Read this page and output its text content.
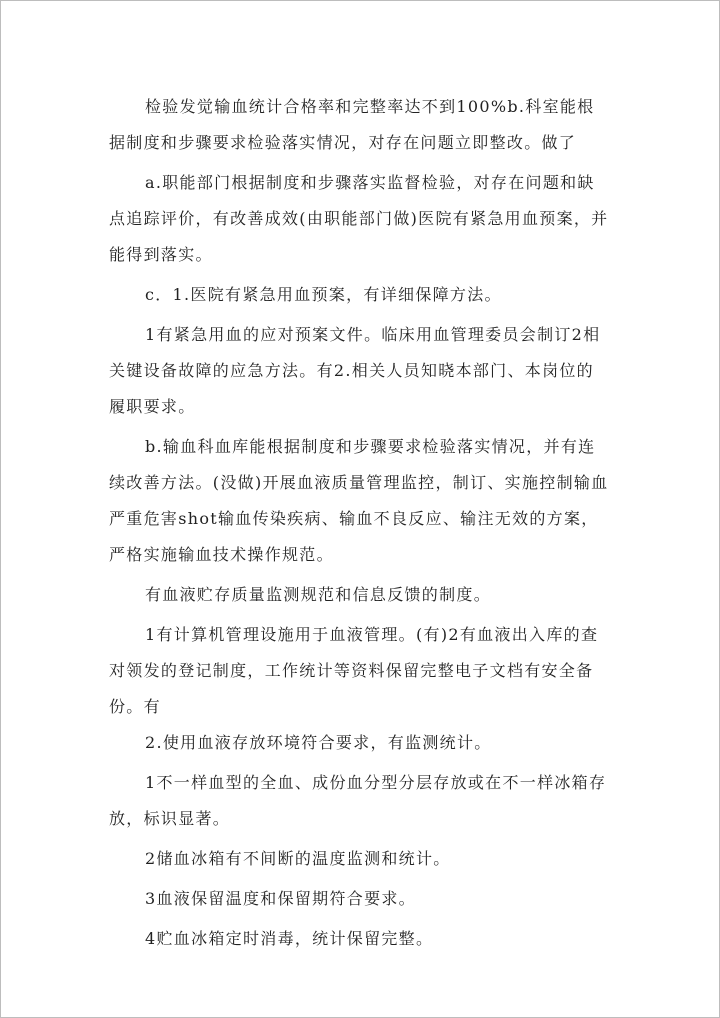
检验发觉输血统计合格率和完整率达不到100%b.科室能根据制度和步骤要求检验落实情况，对存在问题立即整改。做了

a.职能部门根据制度和步骤落实监督检验，对存在问题和缺点追踪评价，有改善成效(由职能部门做)医院有紧急用血预案，并能得到落实。

c．1.医院有紧急用血预案，有详细保障方法。

1有紧急用血的应对预案文件。临床用血管理委员会制订2相关键设备故障的应急方法。有2.相关人员知晓本部门、本岗位的履职要求。

b.输血科血库能根据制度和步骤要求检验落实情况，并有连续改善方法。(没做)开展血液质量管理监控，制订、实施控制输血严重危害shot输血传染疾病、输血不良反应、输注无效的方案，严格实施输血技术操作规范。

有血液贮存质量监测规范和信息反馈的制度。

1有计算机管理设施用于血液管理。(有)2有血液出入库的查对领发的登记制度，工作统计等资料保留完整电子文档有安全备份。有

2.使用血液存放环境符合要求，有监测统计。

1不一样血型的全血、成份血分型分层存放或在不一样冰箱存放，标识显著。

2储血冰箱有不间断的温度监测和统计。

3血液保留温度和保留期符合要求。

4贮血冰箱定时消毒，统计保留完整。
